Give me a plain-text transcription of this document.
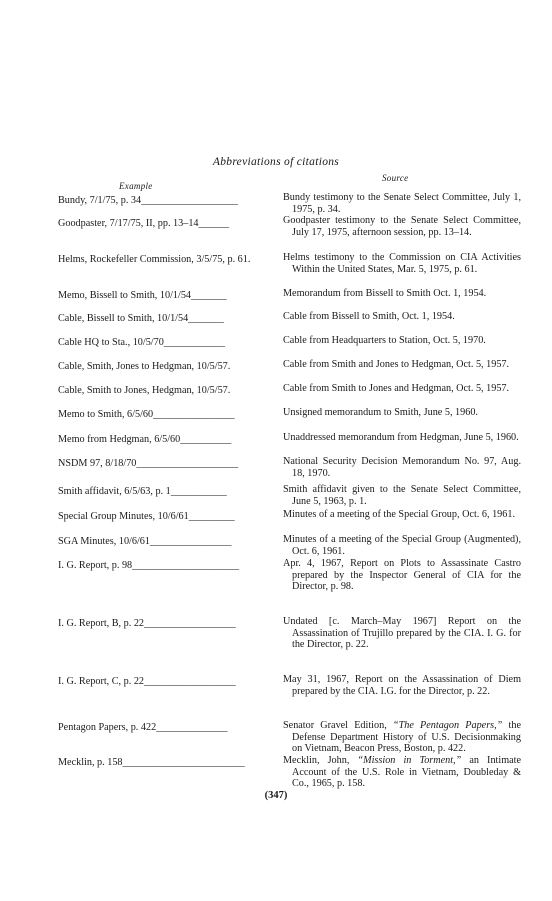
Abbreviations of citations
Example
Source
Bundy, 7/1/75, p. 34___________________	Bundy testimony to the Senate Select Committee, July 1, 1975, p. 34.
Goodpaster, 7/17/75, II, pp. 13–14______	Goodpaster testimony to the Senate Select Committee, July 17, 1975, afternoon session, pp. 13–14.
Helms, Rockefeller Commission, 3/5/75, p. 61.	Helms testimony to the Commission on CIA Activities Within the United States, Mar. 5, 1975, p. 61.
Memo, Bissell to Smith, 10/1/54_______	Memorandum from Bissell to Smith Oct. 1, 1954.
Cable, Bissell to Smith, 10/1/54_______	Cable from Bissell to Smith, Oct. 1, 1954.
Cable HQ to Sta., 10/5/70____________	Cable from Headquarters to Station, Oct. 5, 1970.
Cable, Smith, Jones to Hedgman, 10/5/57.	Cable from Smith and Jones to Hedgman, Oct. 5, 1957.
Cable, Smith to Jones, Hedgman, 10/5/57.	Cable from Smith to Jones and Hedgman, Oct. 5, 1957.
Memo to Smith, 6/5/60________________	Unsigned memorandum to Smith, June 5, 1960.
Memo from Hedgman, 6/5/60__________	Unaddressed memorandum from Hedgman, June 5, 1960.
NSDM 97, 8/18/70____________________	National Security Decision Memorandum No. 97, Aug. 18, 1970.
Smith affidavit, 6/5/63, p. 1___________	Smith affidavit given to the Senate Select Committee, June 5, 1963, p. 1.
Special Group Minutes, 10/6/61_________	Minutes of a meeting of the Special Group, Oct. 6, 1961.
SGA Minutes, 10/6/61________________	Minutes of a meeting of the Special Group (Augmented), Oct. 6, 1961.
I. G. Report, p. 98_____________________	Apr. 4, 1967, Report on Plots to Assassinate Castro prepared by the Inspector General of CIA for the Director, p. 98.
I. G. Report, B, p. 22__________________	Undated [c. March–May 1967] Report on the Assassination of Trujillo prepared by the CIA. I. G. for the Director, p. 22.
I. G. Report, C, p. 22__________________	May 31, 1967, Report on the Assassination of Diem prepared by the CIA. I.G. for the Director, p. 22.
Pentagon Papers, p. 422______________	Senator Gravel Edition, “The Pentagon Papers,” the Defense Department History of U.S. Decisionmaking on Vietnam, Beacon Press, Boston, p. 422.
Mecklin, p. 158________________________	Mecklin, John, “Mission in Torment,” an Intimate Account of the U.S. Role in Vietnam, Doubleday & Co., 1965, p. 158.
(347)
